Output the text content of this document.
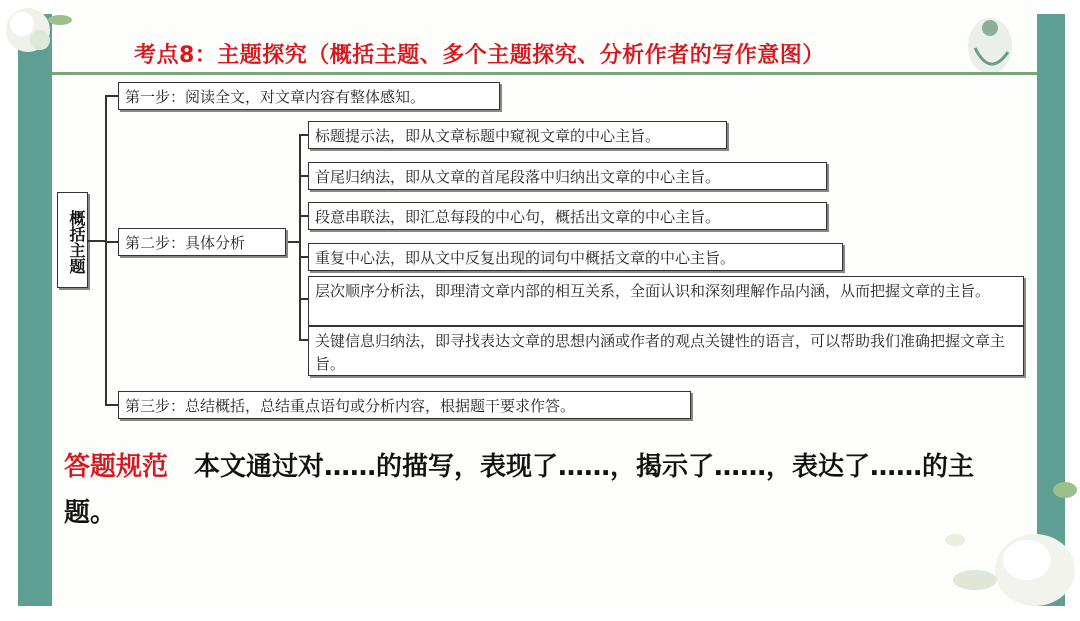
考点8：主题探究（概括主题、多个主题探究、分析作者的写作意图）
概括主题
第一步：阅读全文，对文章内容有整体感知。
第二步：具体分析
第三步：总结概括，总结重点语句或分析内容，根据题干要求作答。
标题提示法，即从文章标题中窥视文章的中心主旨。
首尾归纳法，即从文章的首尾段落中归纳出文章的中心主旨。
段意串联法，即汇总每段的中心句，概括出文章的中心主旨。
重复中心法，即从文中反复出现的词句中概括文章的中心主旨。
层次顺序分析法，即理清文章内部的相互关系，全面认识和深刻理解作品内涵，从而把握文章的主旨。
关键信息归纳法，即寻找表达文章的思想内涵或作者的观点关键性的语言，可以帮助我们准确把握文章主旨。
答题规范 本文通过对……的描写，表现了……，揭示了……，表达了……的主题。
